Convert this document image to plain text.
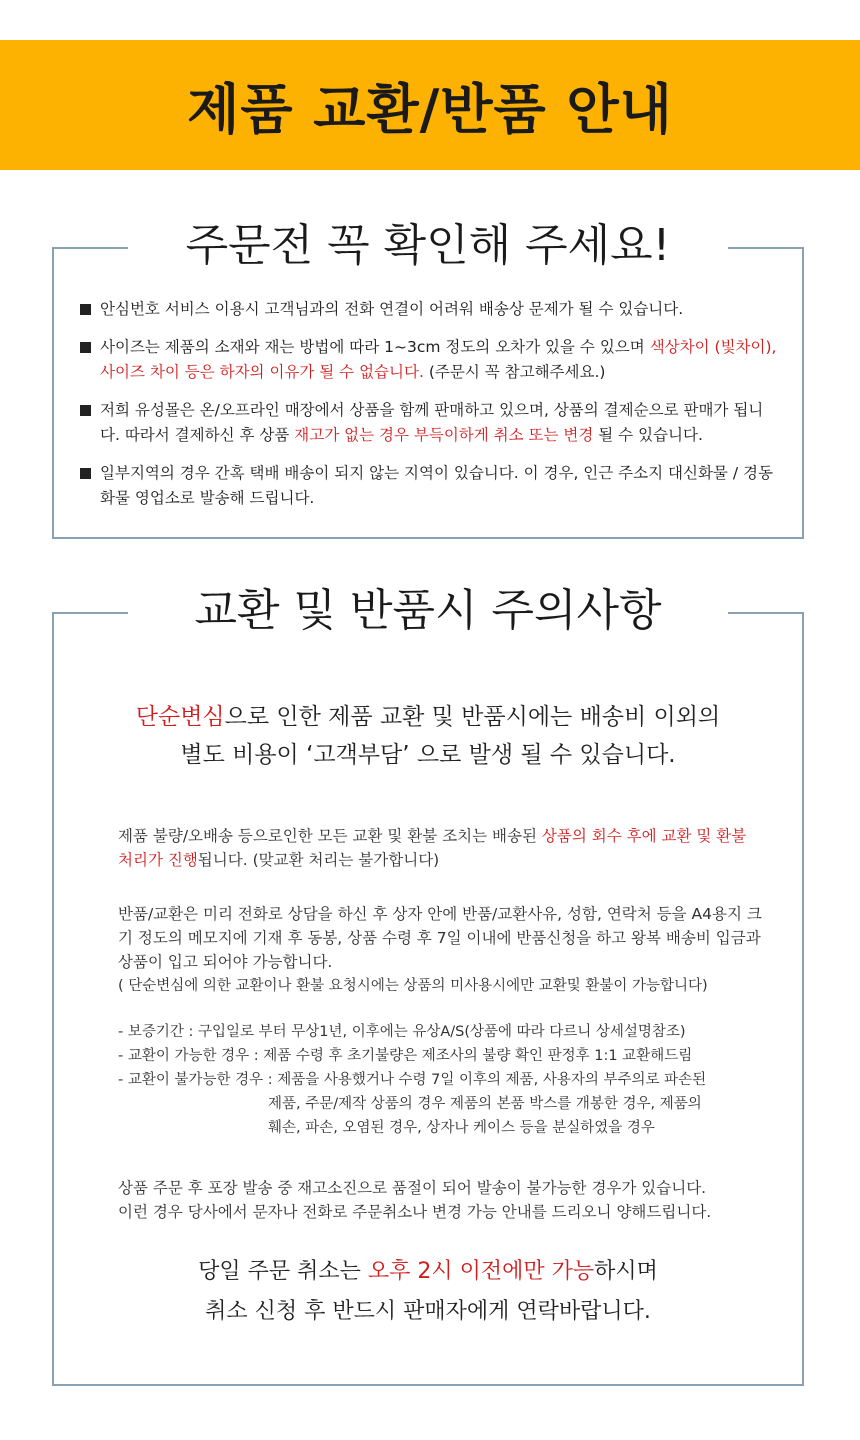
제품 교환/반품 안내
주문전 꼭 확인해 주세요!
안심번호 서비스 이용시 고객님과의 전화 연결이 어려워 배송상 문제가 될 수 있습니다.
사이즈는 제품의 소재와 재는 방법에 따라 1~3cm 정도의 오차가 있을 수 있으며 색상차이 (빛차이), 사이즈 차이 등은 하자의 이유가 될 수 없습니다. (주문시 꼭 참고해주세요.)
저희 유성몰은 온/오프라인 매장에서 상품을 함께 판매하고 있으며, 상품의 결제순으로 판매가 됩니다. 따라서 결제하신 후 상품 재고가 없는 경우 부득이하게 취소 또는 변경 될 수 있습니다.
일부지역의 경우 간혹 택배 배송이 되지 않는 지역이 있습니다. 이 경우, 인근 주소지 대신화물 / 경동화물 영업소로 발송해 드립니다.
교환 및 반품시 주의사항
단순변심으로 인한 제품 교환 및 반품시에는 배송비 이외의
별도 비용이 ‘고객부담’ 으로 발생 될 수 있습니다.
제품 불량/오배송 등으로인한 모든 교환 및 환불 조치는 배송된 상품의 회수 후에 교환 및 환불 처리가 진행됩니다. (맞교환 처리는 불가합니다)
반품/교환은 미리 전화로 상담을 하신 후 상자 안에 반품/교환사유, 성함, 연락처 등을 A4용지 크기 정도의 메모지에 기재 후 동봉, 상품 수령 후 7일 이내에 반품신청을 하고 왕복 배송비 입금과 상품이 입고 되어야 가능합니다.
( 단순변심에 의한 교환이나 환불 요청시에는 상품의 미사용시에만 교환및 환불이 가능합니다)
- 보증기간 : 구입일로 부터 무상1년, 이후에는 유상A/S(상품에 따라 다르니 상세설명참조)
- 교환이 가능한 경우 : 제품 수령 후 초기불량은 제조사의 불량 확인 판정후 1:1 교환해드림
- 교환이 불가능한 경우 : 제품을 사용했거나 수령 7일 이후의 제품, 사용자의 부주의로 파손된
제품, 주문/제작 상품의 경우 제품의 본품 박스를 개봉한 경우, 제품의
훼손, 파손, 오염된 경우, 상자나 케이스 등을 분실하였을 경우
상품 주문 후 포장 발송 중 재고소진으로 품절이 되어 발송이 불가능한 경우가 있습니다.
이런 경우 당사에서 문자나 전화로 주문취소나 변경 가능 안내를 드리오니 양해드립니다.
당일 주문 취소는 오후 2시 이전에만 가능하시며
취소 신청 후 반드시 판매자에게 연락바랍니다.
